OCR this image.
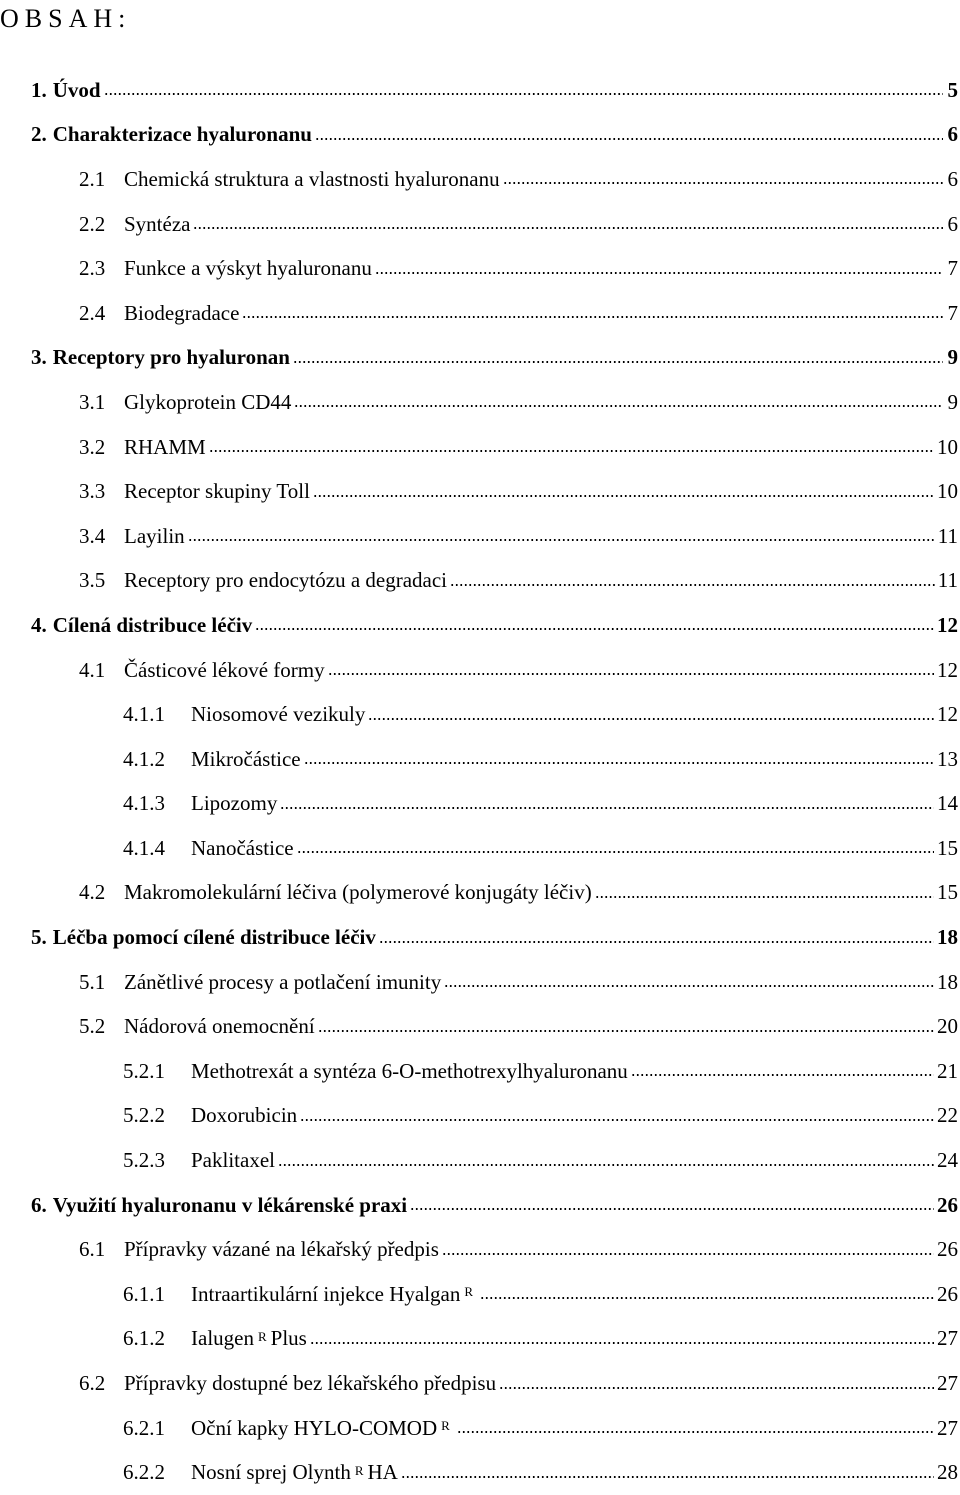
OBSAH:
1. Úvod	5
2. Charakterizace hyaluronanu	6
2.1 Chemická struktura a vlastnosti hyaluronanu	6
2.2 Syntéza	6
2.3 Funkce a výskyt hyaluronanu	7
2.4 Biodegradace	7
3. Receptory pro hyaluronan	9
3.1 Glykoprotein CD44	9
3.2 RHAMM	10
3.3 Receptor skupiny Toll	10
3.4 Layilin	11
3.5 Receptory pro endocytózu a degradaci	11
4. Cílená distribuce léčiv	12
4.1 Částicové lékové formy	12
4.1.1	Niosomové vezikuly	12
4.1.2	Mikročástice	13
4.1.3	Lipozomy	14
4.1.4	Nanočástice	15
4.2 Makromolekulární léčiva (polymerové konjugáty léčiv)	15
5. Léčba pomocí cílené distribuce léčiv	18
5.1 Zánětlivé procesy a potlačení imunity	18
5.2 Nádorová onemocnění	20
5.2.1	Methotrexát a syntéza 6-O-methotrexylhyaluronanu	21
5.2.2	Doxorubicin	22
5.2.3	Paklitaxel	24
6. Využití hyaluronanu v lékárenské praxi	26
6.1 Přípravky vázané na lékařský předpis	26
6.1.1	Intraartikulární injekce Hyalgan $^R$	26
6.1.2	Ialugen $^R$ Plus	27
6.2 Přípravky dostupné bez lékařského předpisu	27
6.2.1	Oční kapky HYLO-COMOD $^R$	27
6.2.2	Nosní sprej Olynth $^R$ HA	28
